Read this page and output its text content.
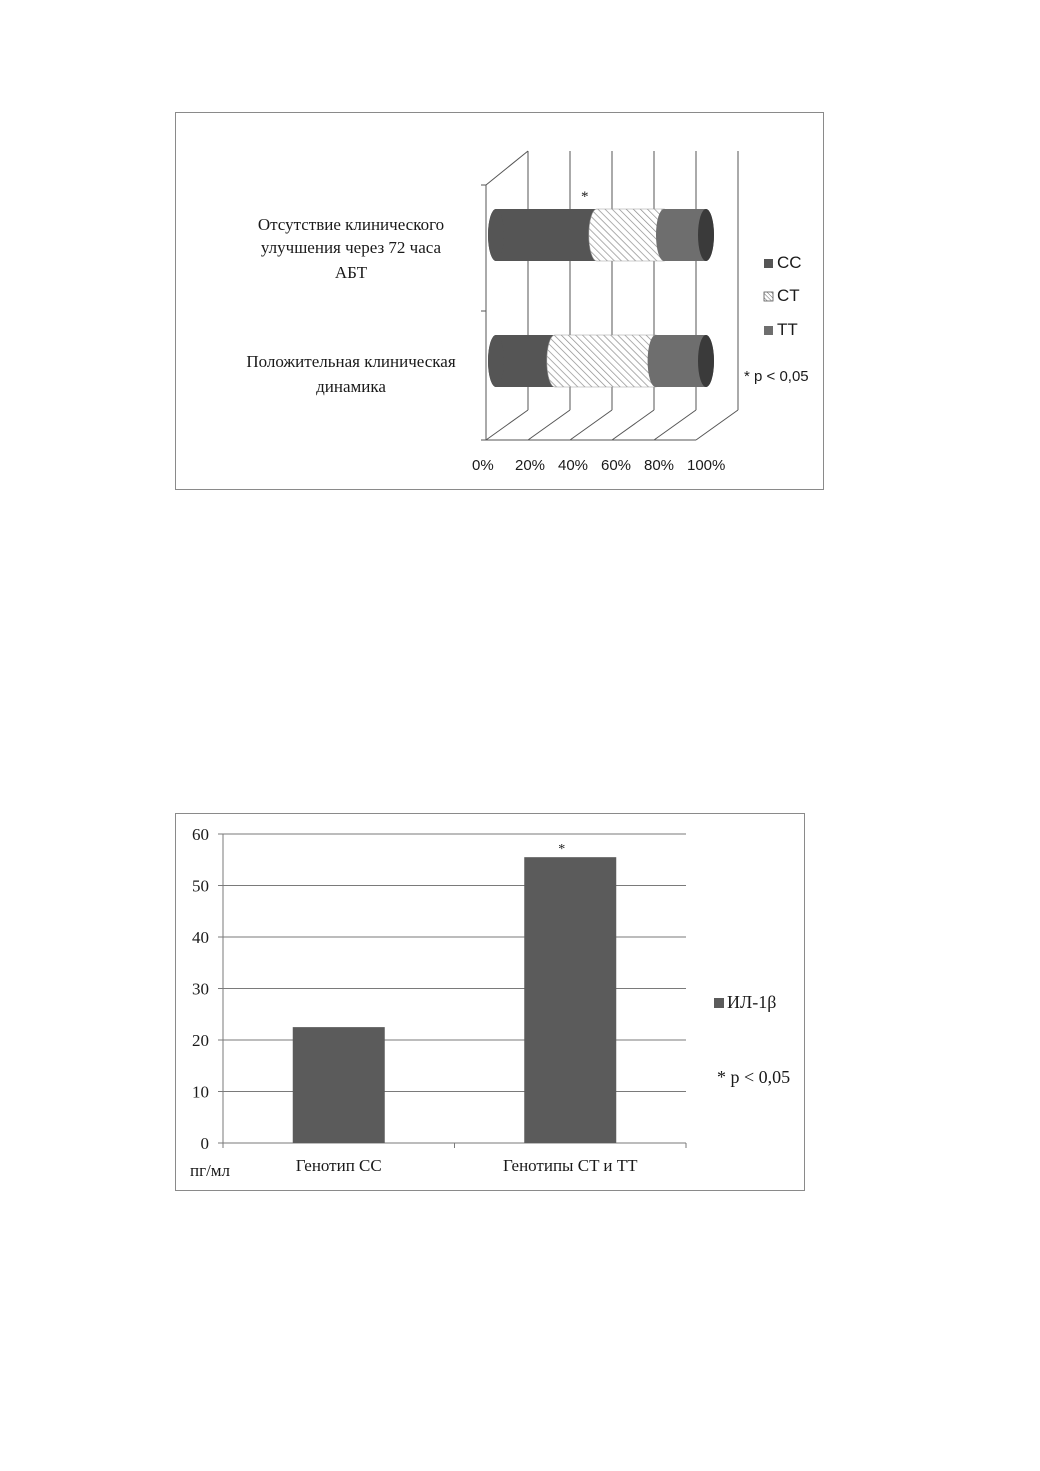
0% 20% 40% 60% 80% 100%
*
Отсутствие клинического
улучшения через 72 часа
АБТ
Положительная клиническая
динамика
CC
CT
TT
* p < 0,05
0
10
20
30
40
50
60
Генотип CC	Генотипы CT и TT
*
пг/мл
ИЛ-1β
* p < 0,05
